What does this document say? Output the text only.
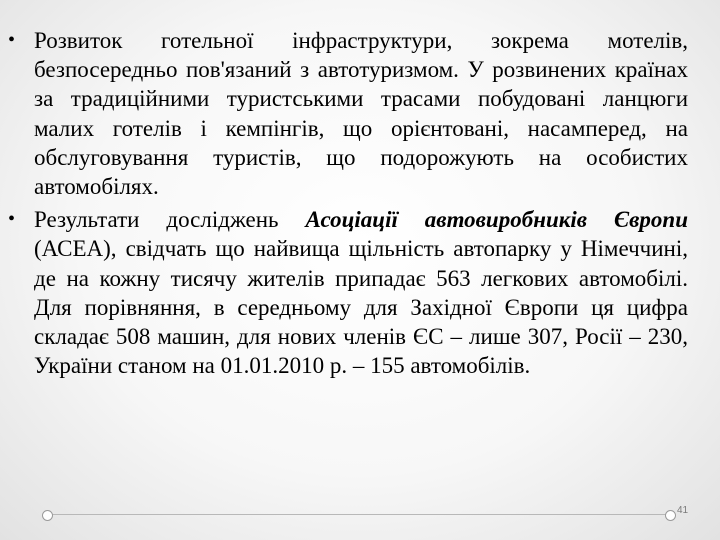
• Розвиток готельної інфраструктури, зокрема мотелів, безпосередньо пов'язаний з автотуризмом. У розвинених країнах за традиційними туристськими трасами побудовані ланцюги малих готелів і кемпінгів, що орієнтовані, насамперед, на обслуговування туристів, що подорожують на особистих автомобілях.
• Результати досліджень Асоціації автовиробників Європи (АСЕА), свідчать що найвища щільність автопарку у Німеччині, де на кожну тисячу жителів припадає 563 легкових автомобілі. Для порівняння, в середньому для Західної Європи ця цифра складає 508 машин, для нових членів ЄС – лише 307, Росії – 230, України станом на 01.01.2010 р. – 155 автомобілів.
41
